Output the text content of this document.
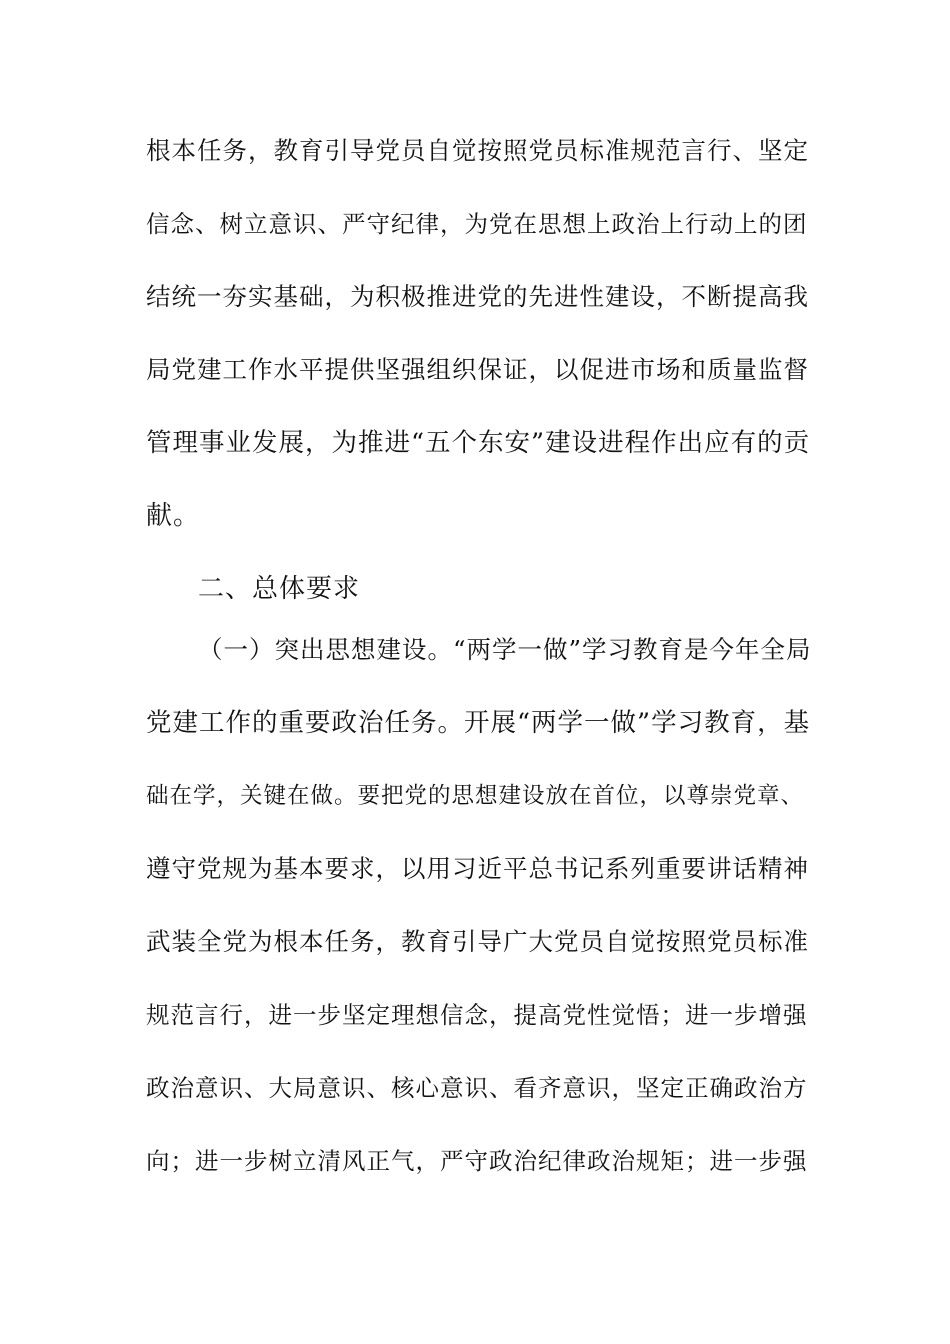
根本任务，教育引导党员自觉按照党员标准规范言行、坚定
信念、树立意识、严守纪律，为党在思想上政治上行动上的团
结统一夯实基础，为积极推进党的先进性建设，不断提高我
局党建工作水平提供坚强组织保证，以促进市场和质量监督
管理事业发展，为推进“五个东安”建设进程作出应有的贡
献。
二、总体要求
（一）突出思想建设。“两学一做”学习教育是今年全局
党建工作的重要政治任务。开展“两学一做”学习教育，基
础在学，关键在做。要把党的思想建设放在首位，以尊崇党章、
遵守党规为基本要求，以用习近平总书记系列重要讲话精神
武装全党为根本任务，教育引导广大党员自觉按照党员标准
规范言行，进一步坚定理想信念，提高党性觉悟；进一步增强
政治意识、大局意识、核心意识、看齐意识，坚定正确政治方
向；进一步树立清风正气，严守政治纪律政治规矩；进一步强
